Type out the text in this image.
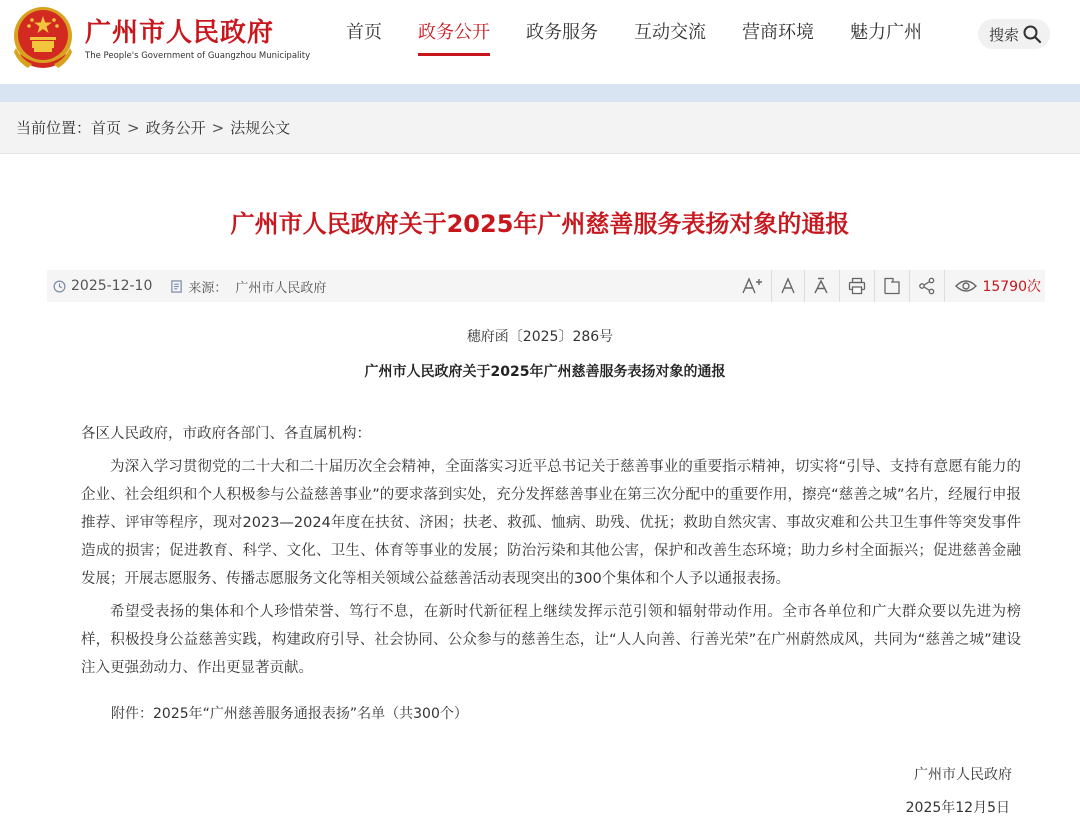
广州市人民政府
The People's Government of Guangzhou Municipality
首页	政务公开	政务服务	互动交流	营商环境	魅力广州	搜索
当前位置： 首页 > 政务公开 > 法规公文
广州市人民政府关于2025年广州慈善服务表扬对象的通报
2025-12-10	来源： 广州市人民政府	15790次
穗府函〔2025〕286号
广州市人民政府关于2025年广州慈善服务表扬对象的通报
各区人民政府，市政府各部门、各直属机构：

为深入学习贯彻党的二十大和二十届历次全会精神，全面落实习近平总书记关于慈善事业的重要指示精神，切实将“引导、支持有意愿有能力的企业、社会组织和个人积极参与公益慈善事业”的要求落到实处，充分发挥慈善事业在第三次分配中的重要作用，擦亮“慈善之城”名片，经履行申报推荐、评审等程序，现对2023—2024年度在扶贫、济困；扶老、救孤、恤病、助残、优抚；救助自然灾害、事故灾难和公共卫生事件等突发事件造成的损害；促进教育、科学、文化、卫生、体育等事业的发展；防治污染和其他公害，保护和改善生态环境；助力乡村全面振兴；促进慈善金融发展；开展志愿服务、传播志愿服务文化等相关领域公益慈善活动表现突出的300个集体和个人予以通报表扬。

希望受表扬的集体和个人珍惜荣誉、笃行不息，在新时代新征程上继续发挥示范引领和辐射带动作用。全市各单位和广大群众要以先进为榜样，积极投身公益慈善实践，构建政府引导、社会协同、公众参与的慈善生态，让“人人向善、行善光荣”在广州蔚然成风，共同为“慈善之城”建设注入更强劲动力、作出更显著贡献。

附件：2025年“广州慈善服务通报表扬”名单（共300个）
广州市人民政府
2025年12月5日
